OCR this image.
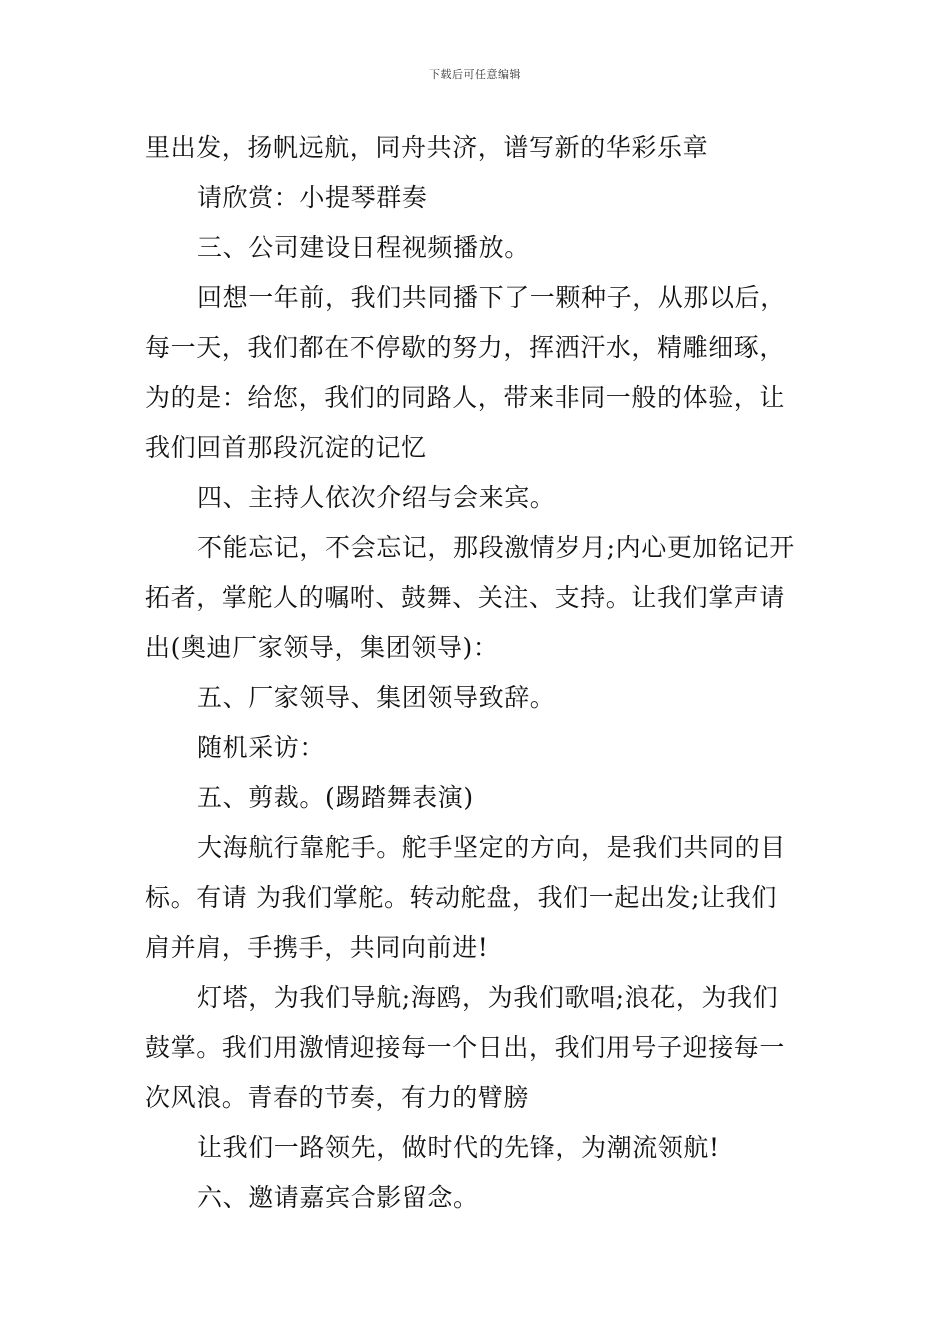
下载后可任意编辑
里出发，扬帆远航，同舟共济，谱写新的华彩乐章
请欣赏：小提琴群奏
三、公司建设日程视频播放。
回想一年前，我们共同播下了一颗种子，从那以后，
每一天，我们都在不停歇的努力，挥洒汗水，精雕细琢，
为的是：给您，我们的同路人，带来非同一般的体验，让
我们回首那段沉淀的记忆
四、主持人依次介绍与会来宾。
不能忘记，不会忘记，那段激情岁月;内心更加铭记开
拓者，掌舵人的嘱咐、鼓舞、关注、支持。让我们掌声请
出(奥迪厂家领导，集团领导)：
五、厂家领导、集团领导致辞。
随机采访：
五、剪裁。(踢踏舞表演)
大海航行靠舵手。舵手坚定的方向，是我们共同的目
标。有请 为我们掌舵。转动舵盘，我们一起出发;让我们
肩并肩，手携手，共同向前进!
灯塔，为我们导航;海鸥，为我们歌唱;浪花，为我们
鼓掌。我们用激情迎接每一个日出，我们用号子迎接每一
次风浪。青春的节奏，有力的臂膀
让我们一路领先，做时代的先锋，为潮流领航!
六、邀请嘉宾合影留念。
